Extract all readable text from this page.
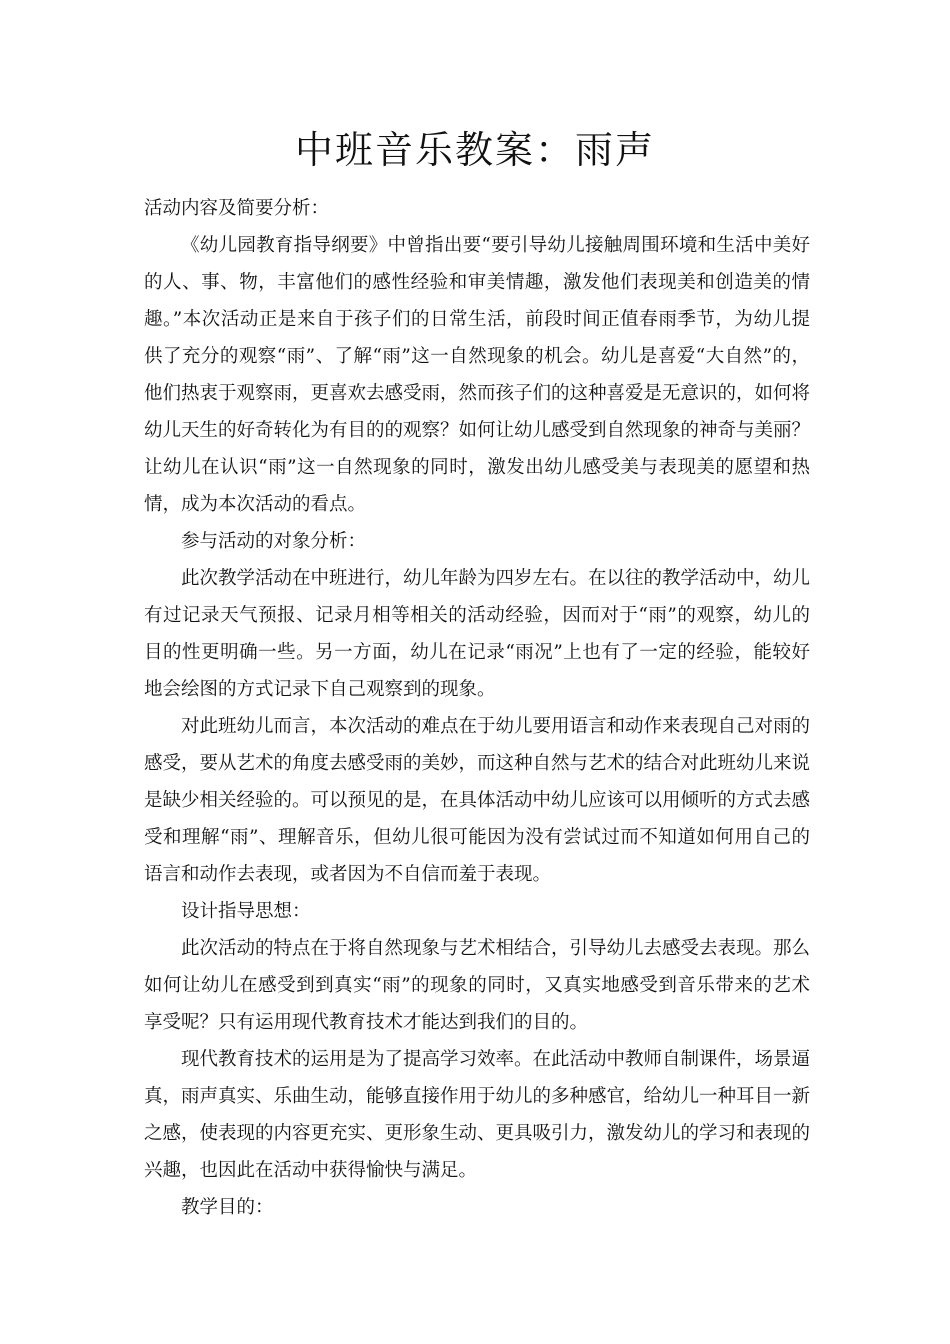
中班音乐教案：雨声

活动内容及简要分析：

《幼儿园教育指导纲要》中曾指出要“要引导幼儿接触周围环境和生活中美好的人、事、物，丰富他们的感性经验和审美情趣，激发他们表现美和创造美的情趣。”本次活动正是来自于孩子们的日常生活，前段时间正值春雨季节，为幼儿提供了充分的观察“雨”、了解“雨”这一自然现象的机会。幼儿是喜爱“大自然”的，他们热衷于观察雨，更喜欢去感受雨，然而孩子们的这种喜爱是无意识的，如何将幼儿天生的好奇转化为有目的的观察？如何让幼儿感受到自然现象的神奇与美丽？让幼儿在认识“雨”这一自然现象的同时，激发出幼儿感受美与表现美的愿望和热情，成为本次活动的看点。

参与活动的对象分析：

此次教学活动在中班进行，幼儿年龄为四岁左右。在以往的教学活动中，幼儿有过记录天气预报、记录月相等相关的活动经验，因而对于“雨”的观察，幼儿的目的性更明确一些。另一方面，幼儿在记录“雨况”上也有了一定的经验，能较好地会绘图的方式记录下自己观察到的现象。

对此班幼儿而言，本次活动的难点在于幼儿要用语言和动作来表现自己对雨的感受，要从艺术的角度去感受雨的美妙，而这种自然与艺术的结合对此班幼儿来说是缺少相关经验的。可以预见的是，在具体活动中幼儿应该可以用倾听的方式去感受和理解“雨”、理解音乐，但幼儿很可能因为没有尝试过而不知道如何用自己的语言和动作去表现，或者因为不自信而羞于表现。

设计指导思想：

此次活动的特点在于将自然现象与艺术相结合，引导幼儿去感受去表现。那么如何让幼儿在感受到到真实“雨”的现象的同时，又真实地感受到音乐带来的艺术享受呢？只有运用现代教育技术才能达到我们的目的。

现代教育技术的运用是为了提高学习效率。在此活动中教师自制课件，场景逼真，雨声真实、乐曲生动，能够直接作用于幼儿的多种感官，给幼儿一种耳目一新之感，使表现的内容更充实、更形象生动、更具吸引力，激发幼儿的学习和表现的兴趣，也因此在活动中获得愉快与满足。

教学目的：
